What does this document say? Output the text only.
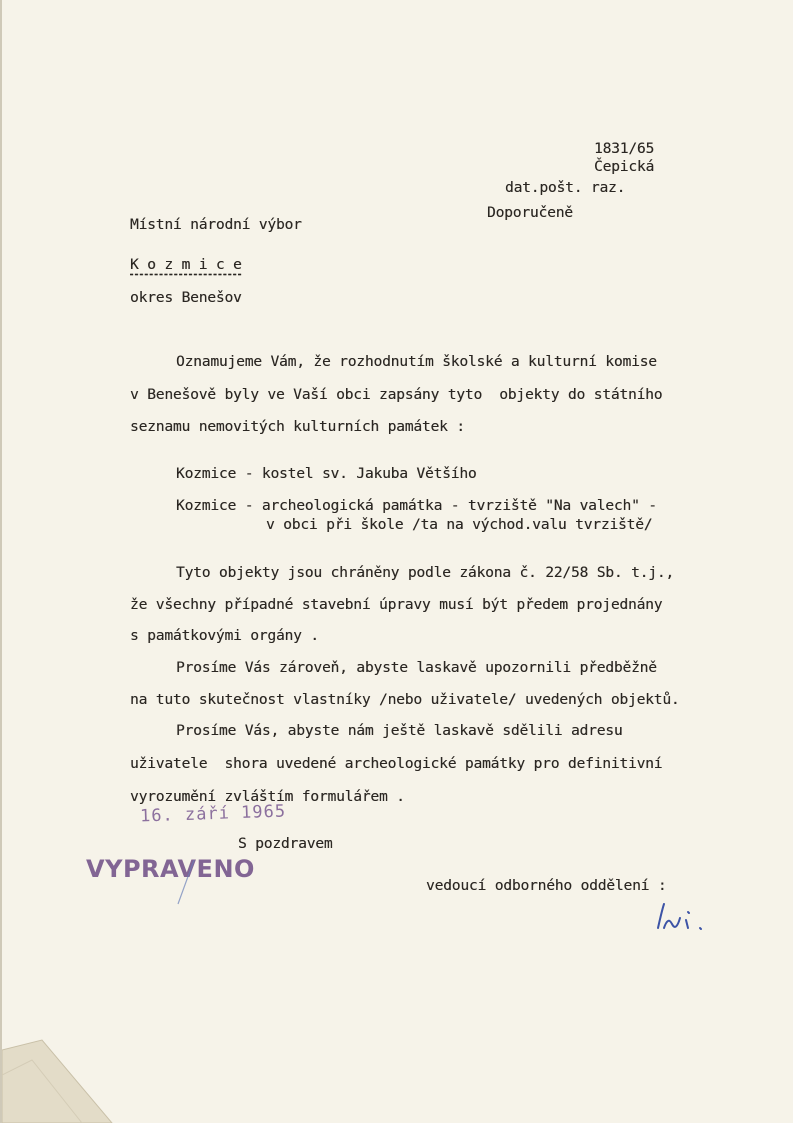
1831/65
Čepická
dat.pošt. raz.
Doporučeně
Místní národní výbor
K o z m i c e
okres Benešov
Oznamujeme Vám, že rozhodnutím školské a kulturní komise
v Benešově byly ve Vaší obci zapsány tyto  objekty do státního
seznamu nemovitých kulturních památek :
Kozmice - kostel sv. Jakuba Většího
Kozmice - archeologická památka - tvrziště "Na valech" -
v obci při škole /ta na východ.valu tvrziště/
Tyto objekty jsou chráněny podle zákona č. 22/58 Sb. t.j.,
že všechny případné stavební úpravy musí být předem projednány
s památkovými orgány .
Prosíme Vás zároveň, abyste laskavě upozornili předběžně
na tuto skutečnost vlastníky /nebo uživatele/ uvedených objektů.
Prosíme Vás, abyste nám ještě laskavě sdělili adresu
uživatele  shora uvedené archeologické památky pro definitivní
vyrozumění zvláštím formulářem .
16. září 1965
S pozdravem
VYPRAVENO
vedoucí odborného oddělení :
